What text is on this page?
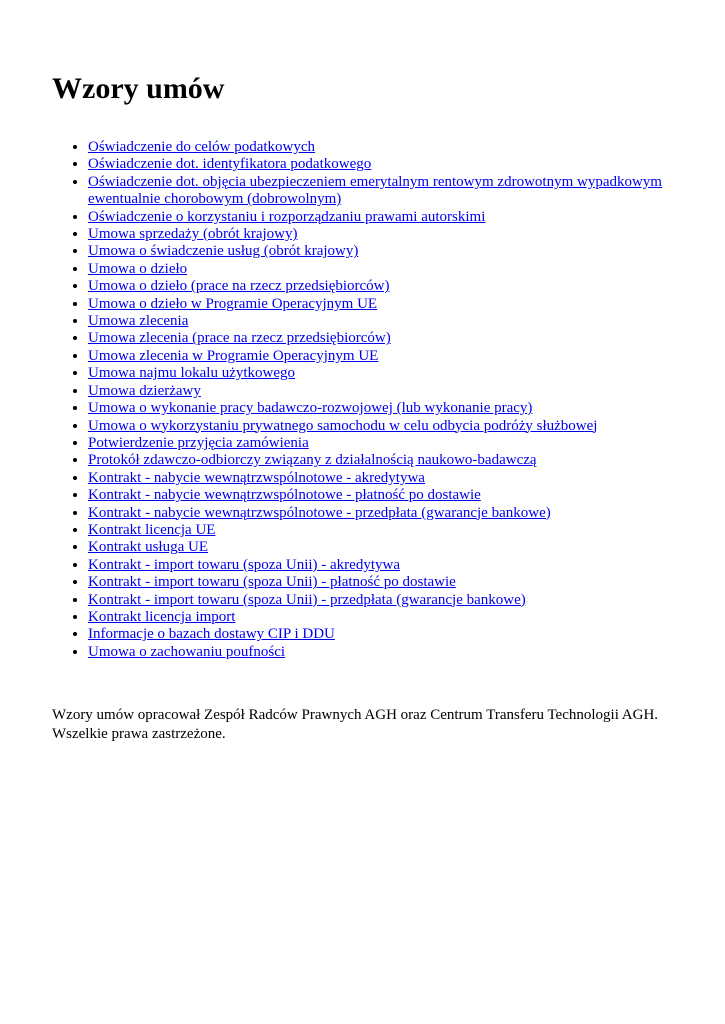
Wzory umów
• Oświadczenie do celów podatkowych
• Oświadczenie dot. identyfikatora podatkowego
• Oświadczenie dot. objęcia ubezpieczeniem emerytalnym rentowym zdrowotnym wypadkowym ewentualnie chorobowym (dobrowolnym)
• Oświadczenie o korzystaniu i rozporządzaniu prawami autorskimi
• Umowa sprzedaży (obrót krajowy)
• Umowa o świadczenie usług (obrót krajowy)
• Umowa o dzieło
• Umowa o dzieło (prace na rzecz przedsiębiorców)
• Umowa o dzieło w Programie Operacyjnym UE
• Umowa zlecenia
• Umowa zlecenia (prace na rzecz przedsiębiorców)
• Umowa zlecenia w Programie Operacyjnym UE
• Umowa najmu lokalu użytkowego
• Umowa dzierżawy
• Umowa o wykonanie pracy badawczo-rozwojowej (lub wykonanie pracy)
• Umowa o wykorzystaniu prywatnego samochodu w celu odbycia podróży służbowej
• Potwierdzenie przyjęcia zamówienia
• Protokół zdawczo-odbiorczy związany z działalnością naukowo-badawczą
• Kontrakt - nabycie wewnątrzwspólnotowe - akredytywa
• Kontrakt - nabycie wewnątrzwspólnotowe - płatność po dostawie
• Kontrakt - nabycie wewnątrzwspólnotowe - przedpłata (gwarancje bankowe)
• Kontrakt licencja UE
• Kontrakt usługa UE
• Kontrakt - import towaru (spoza Unii) - akredytywa
• Kontrakt - import towaru (spoza Unii) - płatność po dostawie
• Kontrakt - import towaru (spoza Unii) - przedpłata (gwarancje bankowe)
• Kontrakt licencja import
• Informacje o bazach dostawy CIP i DDU
• Umowa o zachowaniu poufności

Wzory umów opracował Zespół Radców Prawnych AGH oraz Centrum Transferu Technologii AGH.

Wszelkie prawa zastrzeżone.
